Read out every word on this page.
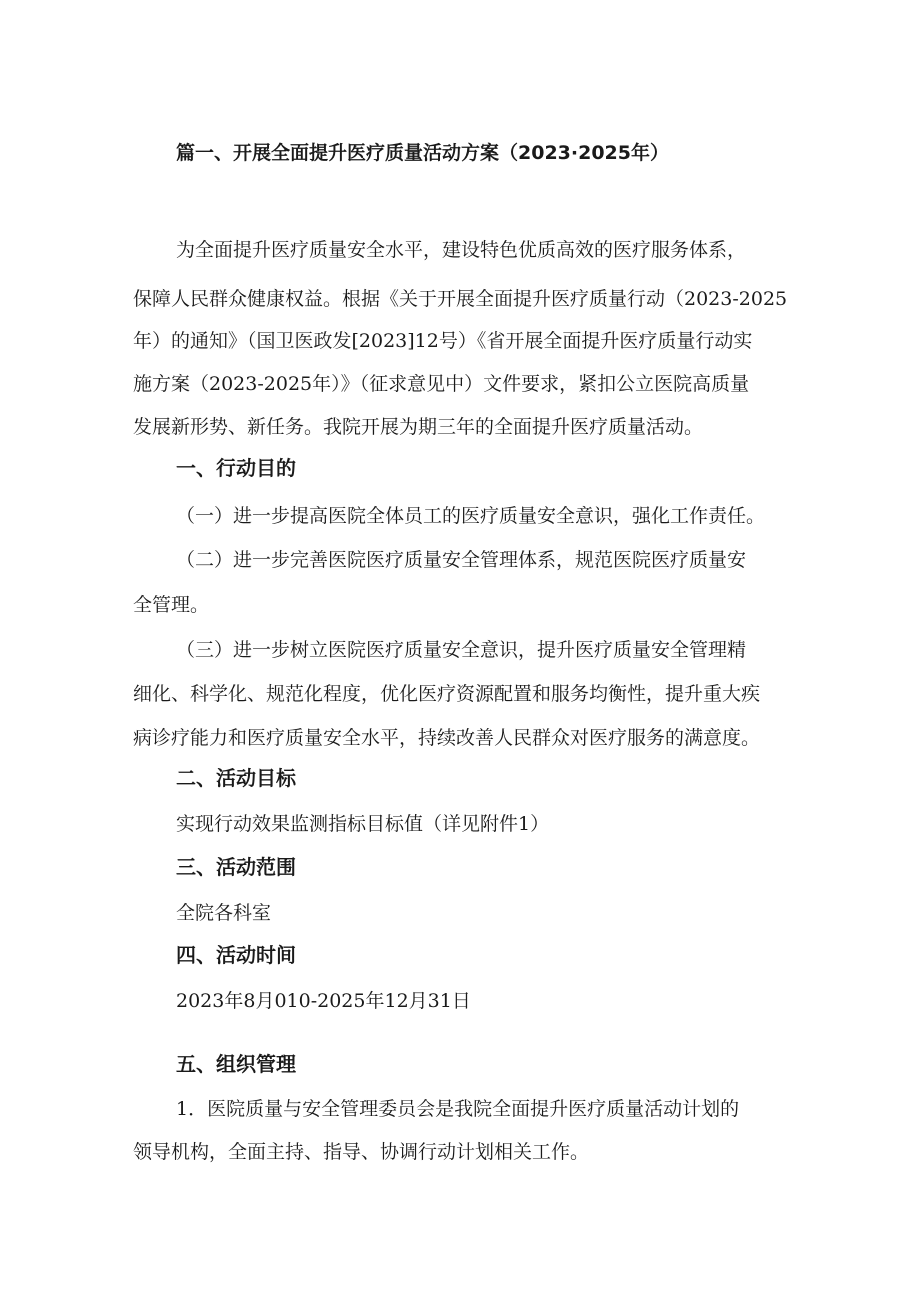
篇一、开展全面提升医疗质量活动方案（2023·2025年）
为全面提升医疗质量安全水平，建设特色优质高效的医疗服务体系，
保障人民群众健康权益。根据《关于开展全面提升医疗质量行动（2023-2025
年）的通知》（国卫医政发[2023]12号）《省开展全面提升医疗质量行动实
施方案（2023-2025年）》（征求意见中）文件要求，紧扣公立医院高质量
发展新形势、新任务。我院开展为期三年的全面提升医疗质量活动。
一、行动目的
（一）进一步提高医院全体员工的医疗质量安全意识，强化工作责任。
（二）进一步完善医院医疗质量安全管理体系，规范医院医疗质量安
全管理。
（三）进一步树立医院医疗质量安全意识，提升医疗质量安全管理精
细化、科学化、规范化程度，优化医疗资源配置和服务均衡性，提升重大疾
病诊疗能力和医疗质量安全水平，持续改善人民群众对医疗服务的满意度。
二、活动目标
实现行动效果监测指标目标值（详见附件1）
三、活动范围
全院各科室
四、活动时间
2023年8月010-2025年12月31日
五、组织管理
1．医院质量与安全管理委员会是我院全面提升医疗质量活动计划的
领导机构，全面主持、指导、协调行动计划相关工作。
